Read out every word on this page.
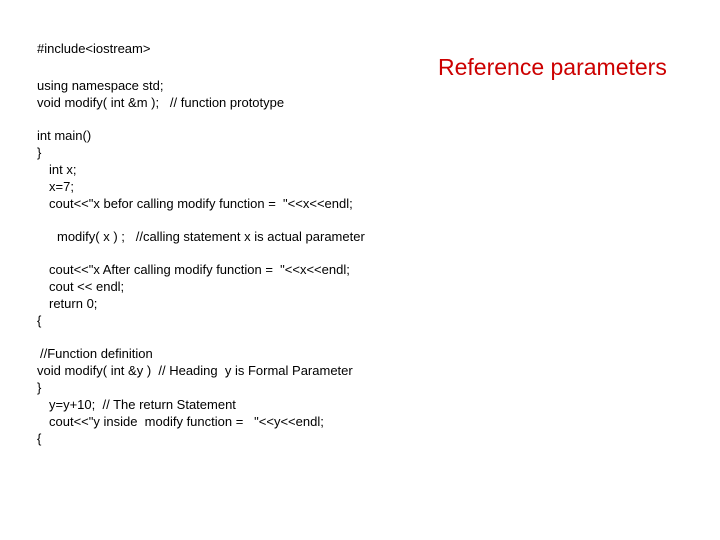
Reference parameters
#include<iostream>
using namespace std;
void modify( int &m );   // function prototype
int main()
}
int x;
x=7;
cout<<"x befor calling modify function =  "<<x<<endl;
modify( x ) ;   //calling statement x is actual parameter
cout<<"x After calling modify function =  "<<x<<endl;
cout << endl;
return 0;
{
//Function definition
void modify( int &y )  // Heading  y is Formal Parameter
}
y=y+10;  // The return Statement
cout<<"y inside  modify function =   "<<y<<endl;
{
